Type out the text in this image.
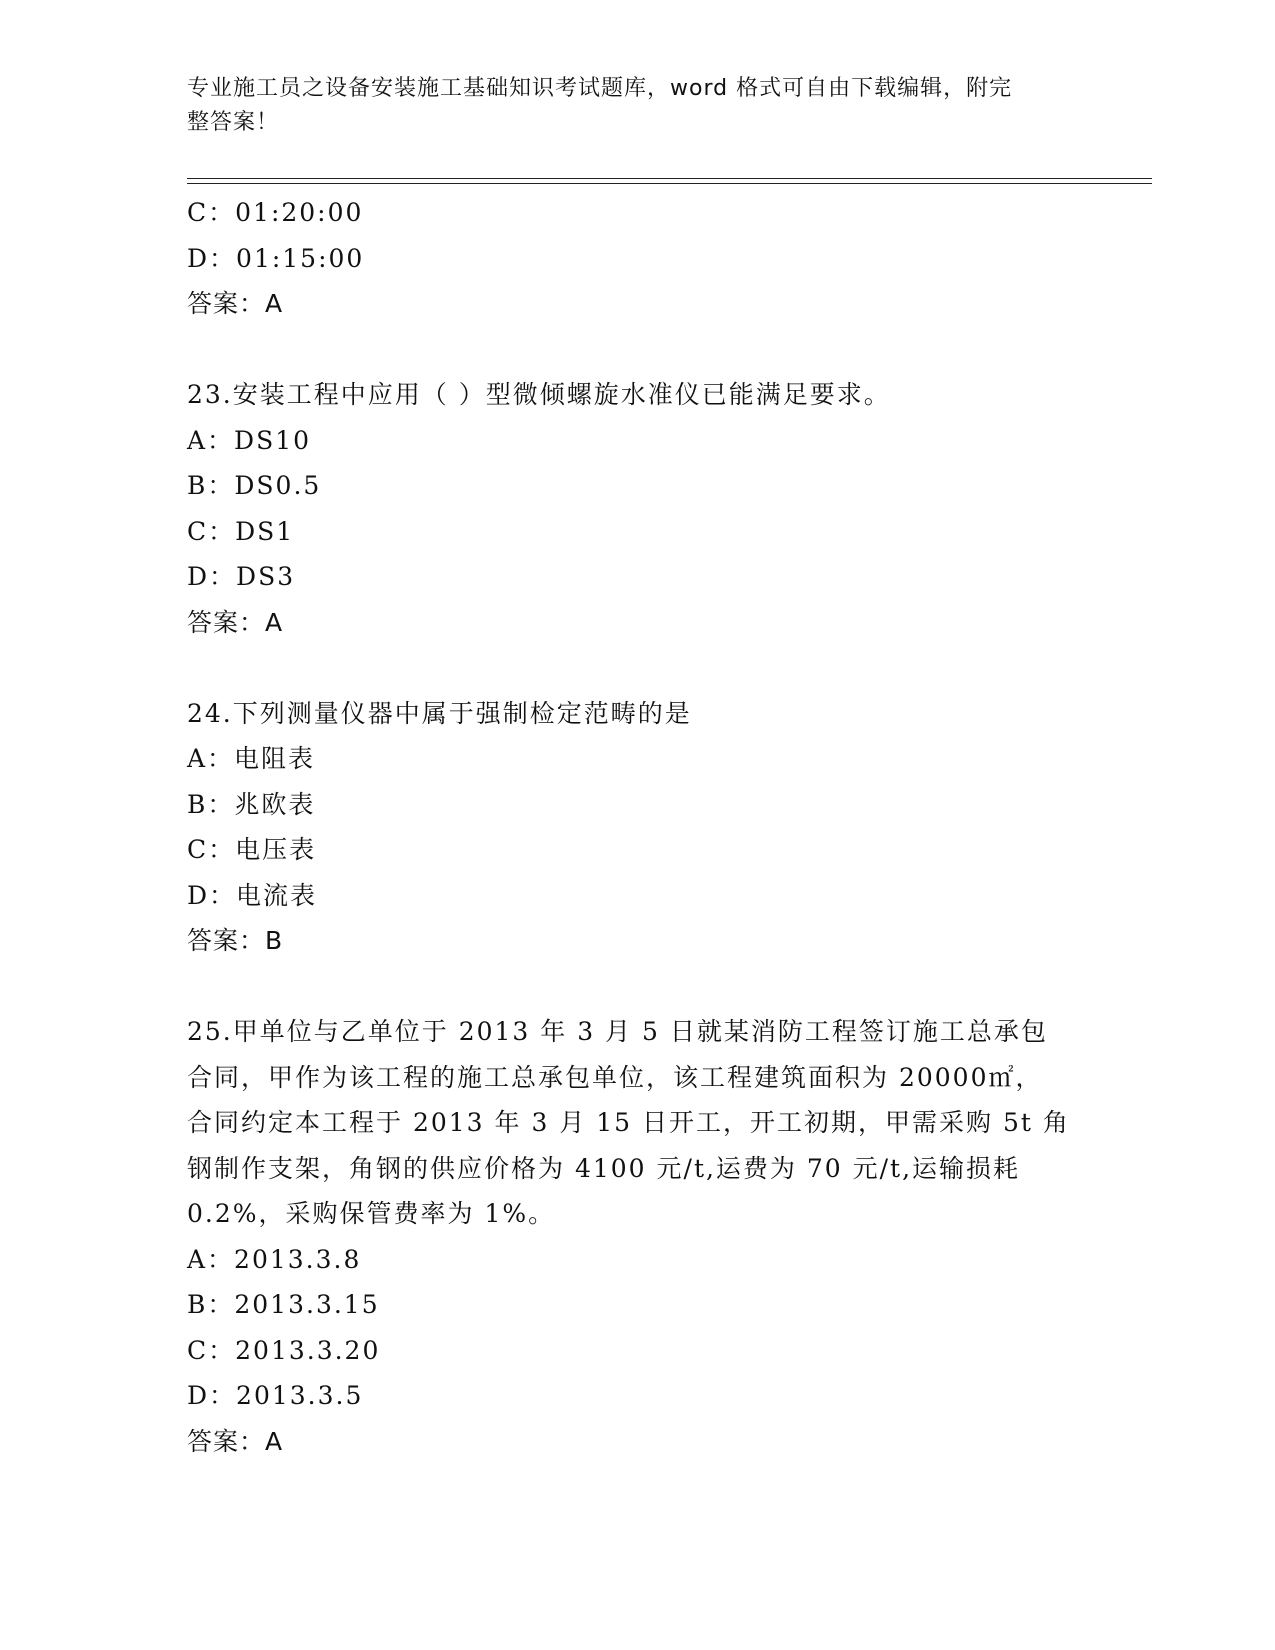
专业施工员之设备安装施工基础知识考试题库，word 格式可自由下载编辑，附完
整答案！
C：01:20:00
D：01:15:00
答案：A
23.安装工程中应用（ ）型微倾螺旋水准仪已能满足要求。
A：DS10
B：DS0.5
C：DS1
D：DS3
答案：A
24.下列测量仪器中属于强制检定范畴的是
A：电阻表
B：兆欧表
C：电压表
D：电流表
答案：B
25.甲单位与乙单位于 2013 年 3 月 5 日就某消防工程签订施工总承包
合同，甲作为该工程的施工总承包单位，该工程建筑面积为 20000㎡，
合同约定本工程于 2013 年 3 月 15 日开工，开工初期，甲需采购 5t 角
钢制作支架，角钢的供应价格为 4100 元/t,运费为 70 元/t,运输损耗
0.2%，采购保管费率为 1%。
A：2013.3.8
B：2013.3.15
C：2013.3.20
D：2013.3.5
答案：A
